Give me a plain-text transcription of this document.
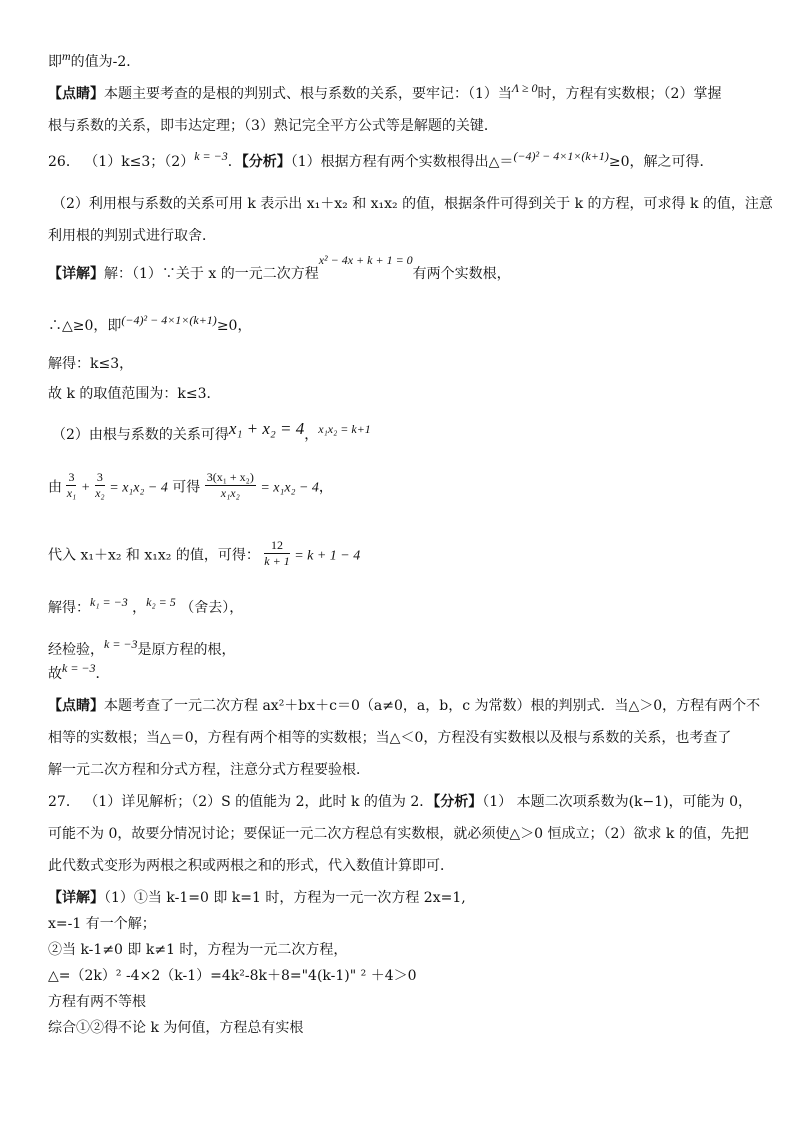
即m的值为-2．
【点睛】本题主要考查的是根的判别式、根与系数的关系，要牢记：（1）当Λ ≥ 0时，方程有实数根；（2）掌握
根与系数的关系，即韦达定理；（3）熟记完全平方公式等是解题的关键．
26． （1）k≤3；（2）k = −3．【分析】（1）根据方程有两个实数根得出△＝(−4)² − 4×1×(k+1)≥0，解之可得．
（2）利用根与系数的关系可用 k 表示出 x₁＋x₂ 和 x₁x₂ 的值，根据条件可得到关于 k 的方程，可求得 k 的值，注意
利用根的判别式进行取舍．
【详解】解：（1）∵关于 x 的一元二次方程x² − 4x + k + 1 = 0有两个实数根，
∴△≥0，即(−4)² − 4×1×(k+1)≥0，
解得：k≤3，
故 k 的取值范围为：k≤3．
（2）由根与系数的关系可得x₁ + x₂ = 4，x₁x₂ = k+1
由 $\frac{3}{\text{x₁}} + \frac{3}{\text{x₂}} = x_1x_2 - 4$ 可得 $\frac{\text{3(x₁ + x₂)}}{\text{x₁x₂}} = x_1x_2 - 4$，
代入 x₁＋x₂ 和 x₁x₂ 的值，可得： $\frac{12}{k + 1} = k + 1 - 4$
解得：k₁ = −3 ，k₂ = 5 （舍去），
经检验，k = −3是原方程的根，
故k = −3．
【点睛】本题考查了一元二次方程 ax²＋bx＋c＝0（a≠0，a，b，c 为常数）根的判别式．当△＞0，方程有两个不
相等的实数根；当△＝0，方程有两个相等的实数根；当△＜0，方程没有实数根以及根与系数的关系，也考查了
解一元二次方程和分式方程，注意分式方程要验根．
27． （1）详见解析；（2）S 的值能为 2，此时 k 的值为 2．【分析】（1） 本题二次项系数为(k−1)，可能为 0，
可能不为 0，故要分情况讨论；要保证一元二次方程总有实数根，就必须使△＞0 恒成立；（2）欲求 k 的值，先把
此代数式变形为两根之积或两根之和的形式，代入数值计算即可．
【详解】（1）①当 k-1=0 即 k=1 时，方程为一元一次方程 2x=1,
x=-1 有一个解；
②当 k-1≠0 即 k≠1 时，方程为一元二次方程，
△=（2k）² -4×2（k-1）=4k²-8k＋8="4(k-1)" ² ＋4＞0
方程有两不等根
综合①②得不论 k 为何值，方程总有实根
